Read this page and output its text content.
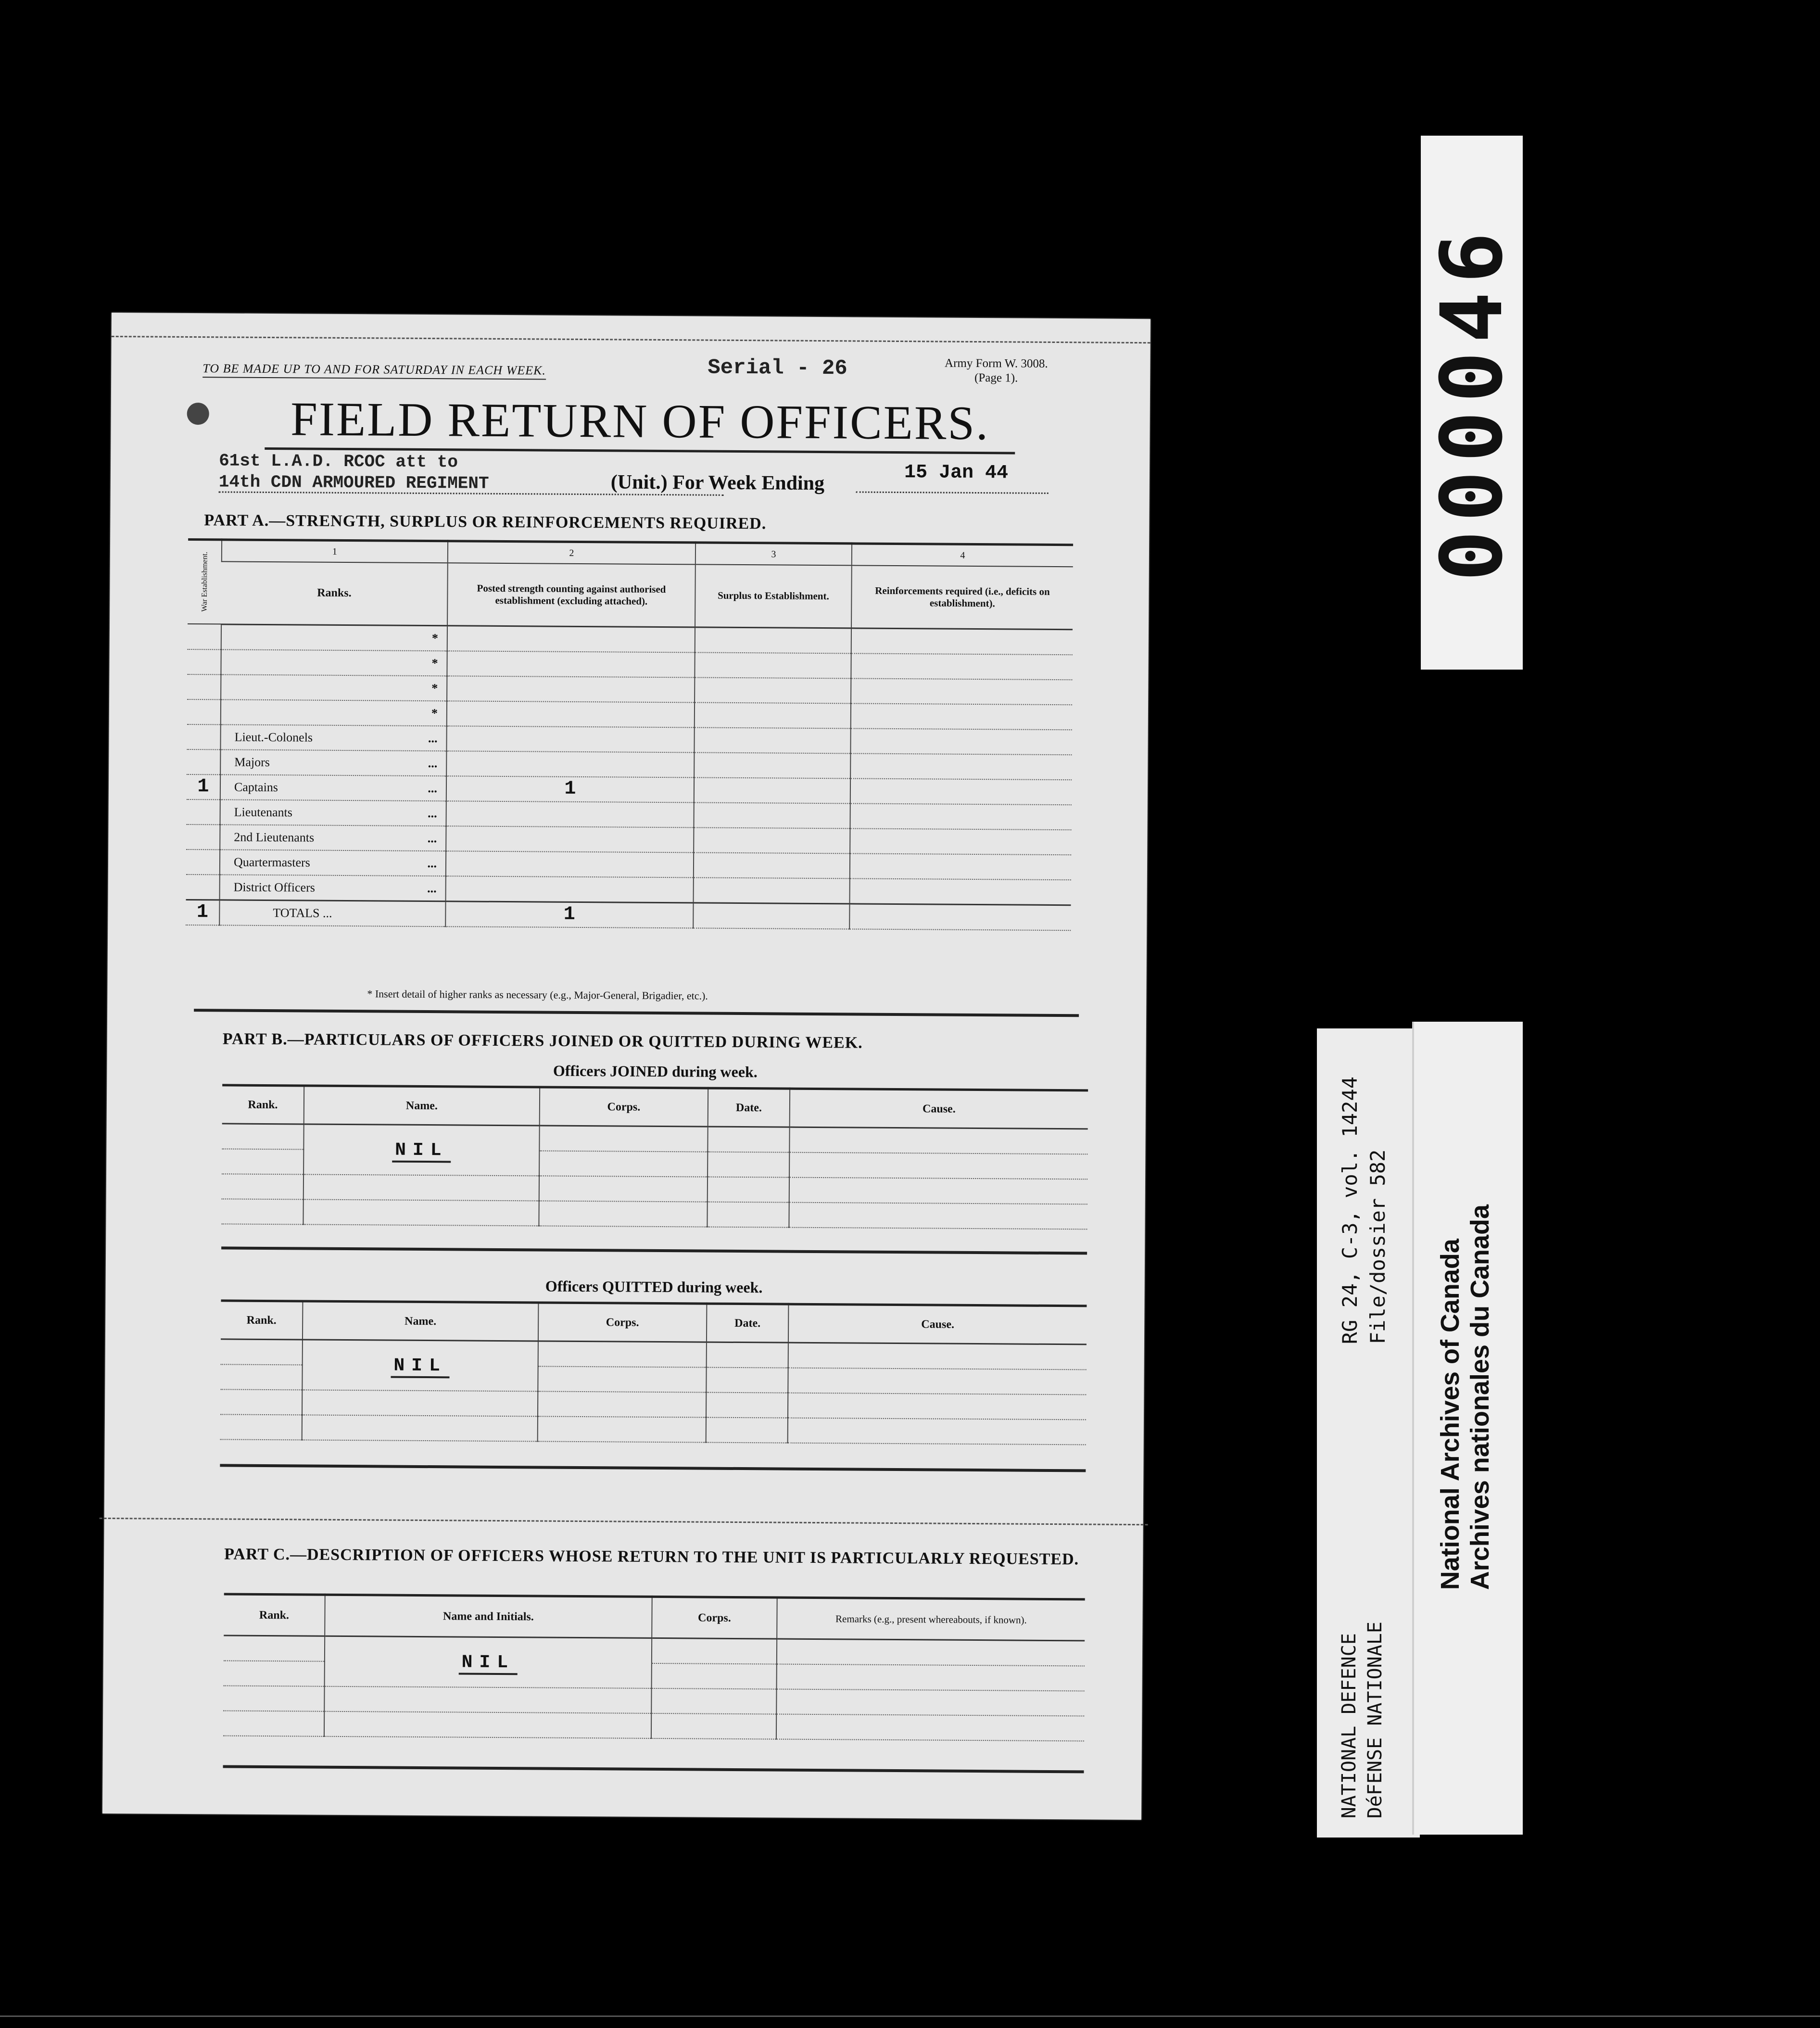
TO BE MADE UP TO AND FOR SATURDAY IN EACH WEEK.	Serial - 26	Army Form W. 3008.
(Page 1).
FIELD RETURN OF OFFICERS.
61st L.A.D. RCOC att to
14th CDN ARMOURED REGIMENT	(Unit.) For Week Ending	15 Jan 44
PART A.—STRENGTH, SURPLUS OR REINFORCEMENTS REQUIRED.
War Establishment.	1	2	3	4
	Ranks.	Posted strength counting against authorised establishment (excluding attached).	Surplus to Establishment.	Reinforcements required (i.e., deficits on establishment).

	*			

	*			

	*			

	*			

	Lieut.-Colonels ...			

	Majors ...			

1	Captains ...	1		
	Lieutenants ...			

	2nd Lieutenants ...			

	Quartermasters ...			

	District Officers ...			

1	TOTALS ...	1		
* Insert detail of higher ranks as necessary (e.g., Major-General, Brigadier, etc.).
PART B.—PARTICULARS OF OFFICERS JOINED OR QUITTED DURING WEEK.
Officers JOINED during week.
Rank.	Name.	Corps.	Date.	Cause.
	NIL			

Officers QUITTED during week.
Rank.	Name.	Corps.	Date.	Cause.
	NIL			

PART C.—DESCRIPTION OF OFFICERS WHOSE RETURN TO THE UNIT IS PARTICULARLY REQUESTED.
Rank.	Name and Initials.	Corps.	Remarks (e.g., present whereabouts, if known).
	NIL		

000046
RG 24, C-3, vol. 14244
File/dossier 582
NATIONAL DEFENCE
DéFENSE NATIONALE
National Archives of Canada
Archives nationales du Canada
